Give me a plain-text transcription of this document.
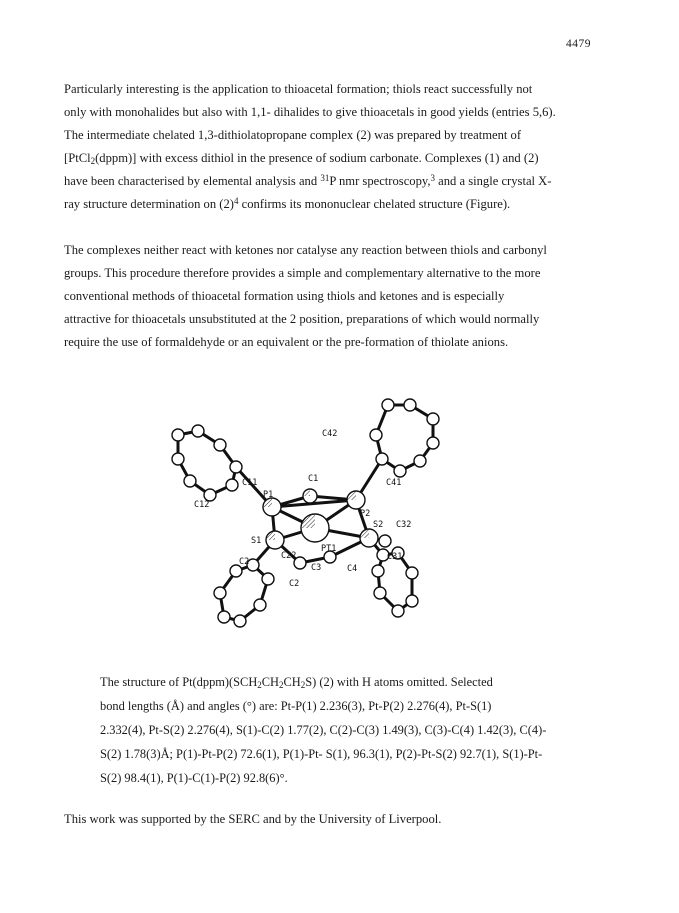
4479
Particularly interesting is the application to thioacetal formation; thiols react successfully not
only with monohalides but also with 1,1- dihalides to give thioacetals in good yields (entries 5,6).
The intermediate chelated 1,3-dithiolatopropane complex (2) was prepared by treatment of
[PtCl$_2$(dppm)] with excess dithiol in the presence of sodium carbonate. Complexes (1) and (2)
have been characterised by elemental analysis and $^{31}$P nmr spectroscopy,$^3$ and a single crystal X-
ray structure determination on $(2)^4$ confirms its mononuclear chelated structure (Figure).
The complexes neither react with ketones nor catalyse any reaction between thiols and carbonyl
groups. This procedure therefore provides a simple and complementary alternative to the more
conventional methods of thioacetal formation using thiols and ketones and is especially
attractive for thioacetals unsubstituted at the 2 position, preparations of which would normally
require the use of formaldehyde or an equivalent or the pre-formation of thiolate anions.
C42
C41
C11
C12
C1
P1
P2
S2 C32
S1
PT1
C31
C2
C22
C3	C4
C2
The structure of $Pt(dppm)(SCH_2CH_2CH_2S)$ (2) with H atoms omitted. Selected
bond lengths (Å) and angles (°) are: Pt-P(1) 2.236(3), Pt-P(2) 2.276(4), Pt-S(1)
2.332(4), Pt-S(2) 2.276(4), S(1)-C(2) 1.77(2), C(2)-C(3) 1.49(3), C(3)-C(4) 1.42(3), C(4)-
S(2) 1.78(3)Å; P(1)-Pt-P(2) 72.6(1), P(1)-Pt- S(1), 96.3(1), P(2)-Pt-S(2) 92.7(1), S(1)-Pt-
S(2) 98.4(1), P(1)-C(1)-P(2) 92.8(6)°.
This work was supported by the SERC and by the University of Liverpool.
